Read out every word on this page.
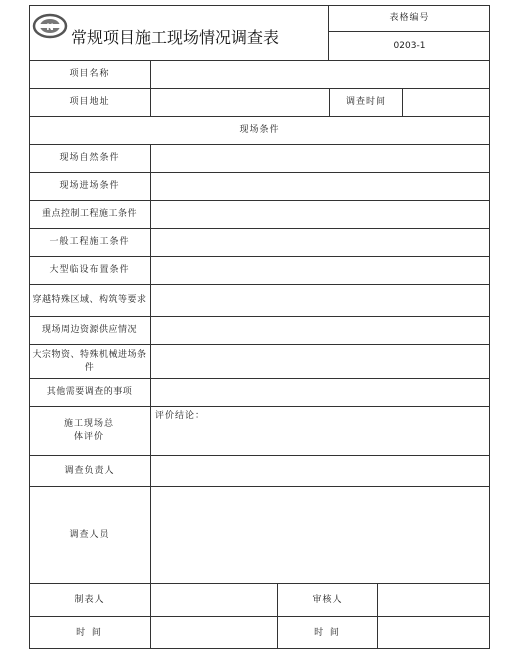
N 常规项目施工现场情况调查表
表格编号
0203-1
项目名称
项目地址	调查时间
现场条件
现场自然条件
现场进场条件
重点控制工程施工条件
一般工程施工条件
大型临设布置条件
穿越特殊区域、构筑等要求
现场周边资源供应情况
大宗物资、特殊机械进场条件
其他需要调查的事项
施工现场总体评价
评价结论：
调查负责人
调查人员
制表人	审核人
时 间	时 间
